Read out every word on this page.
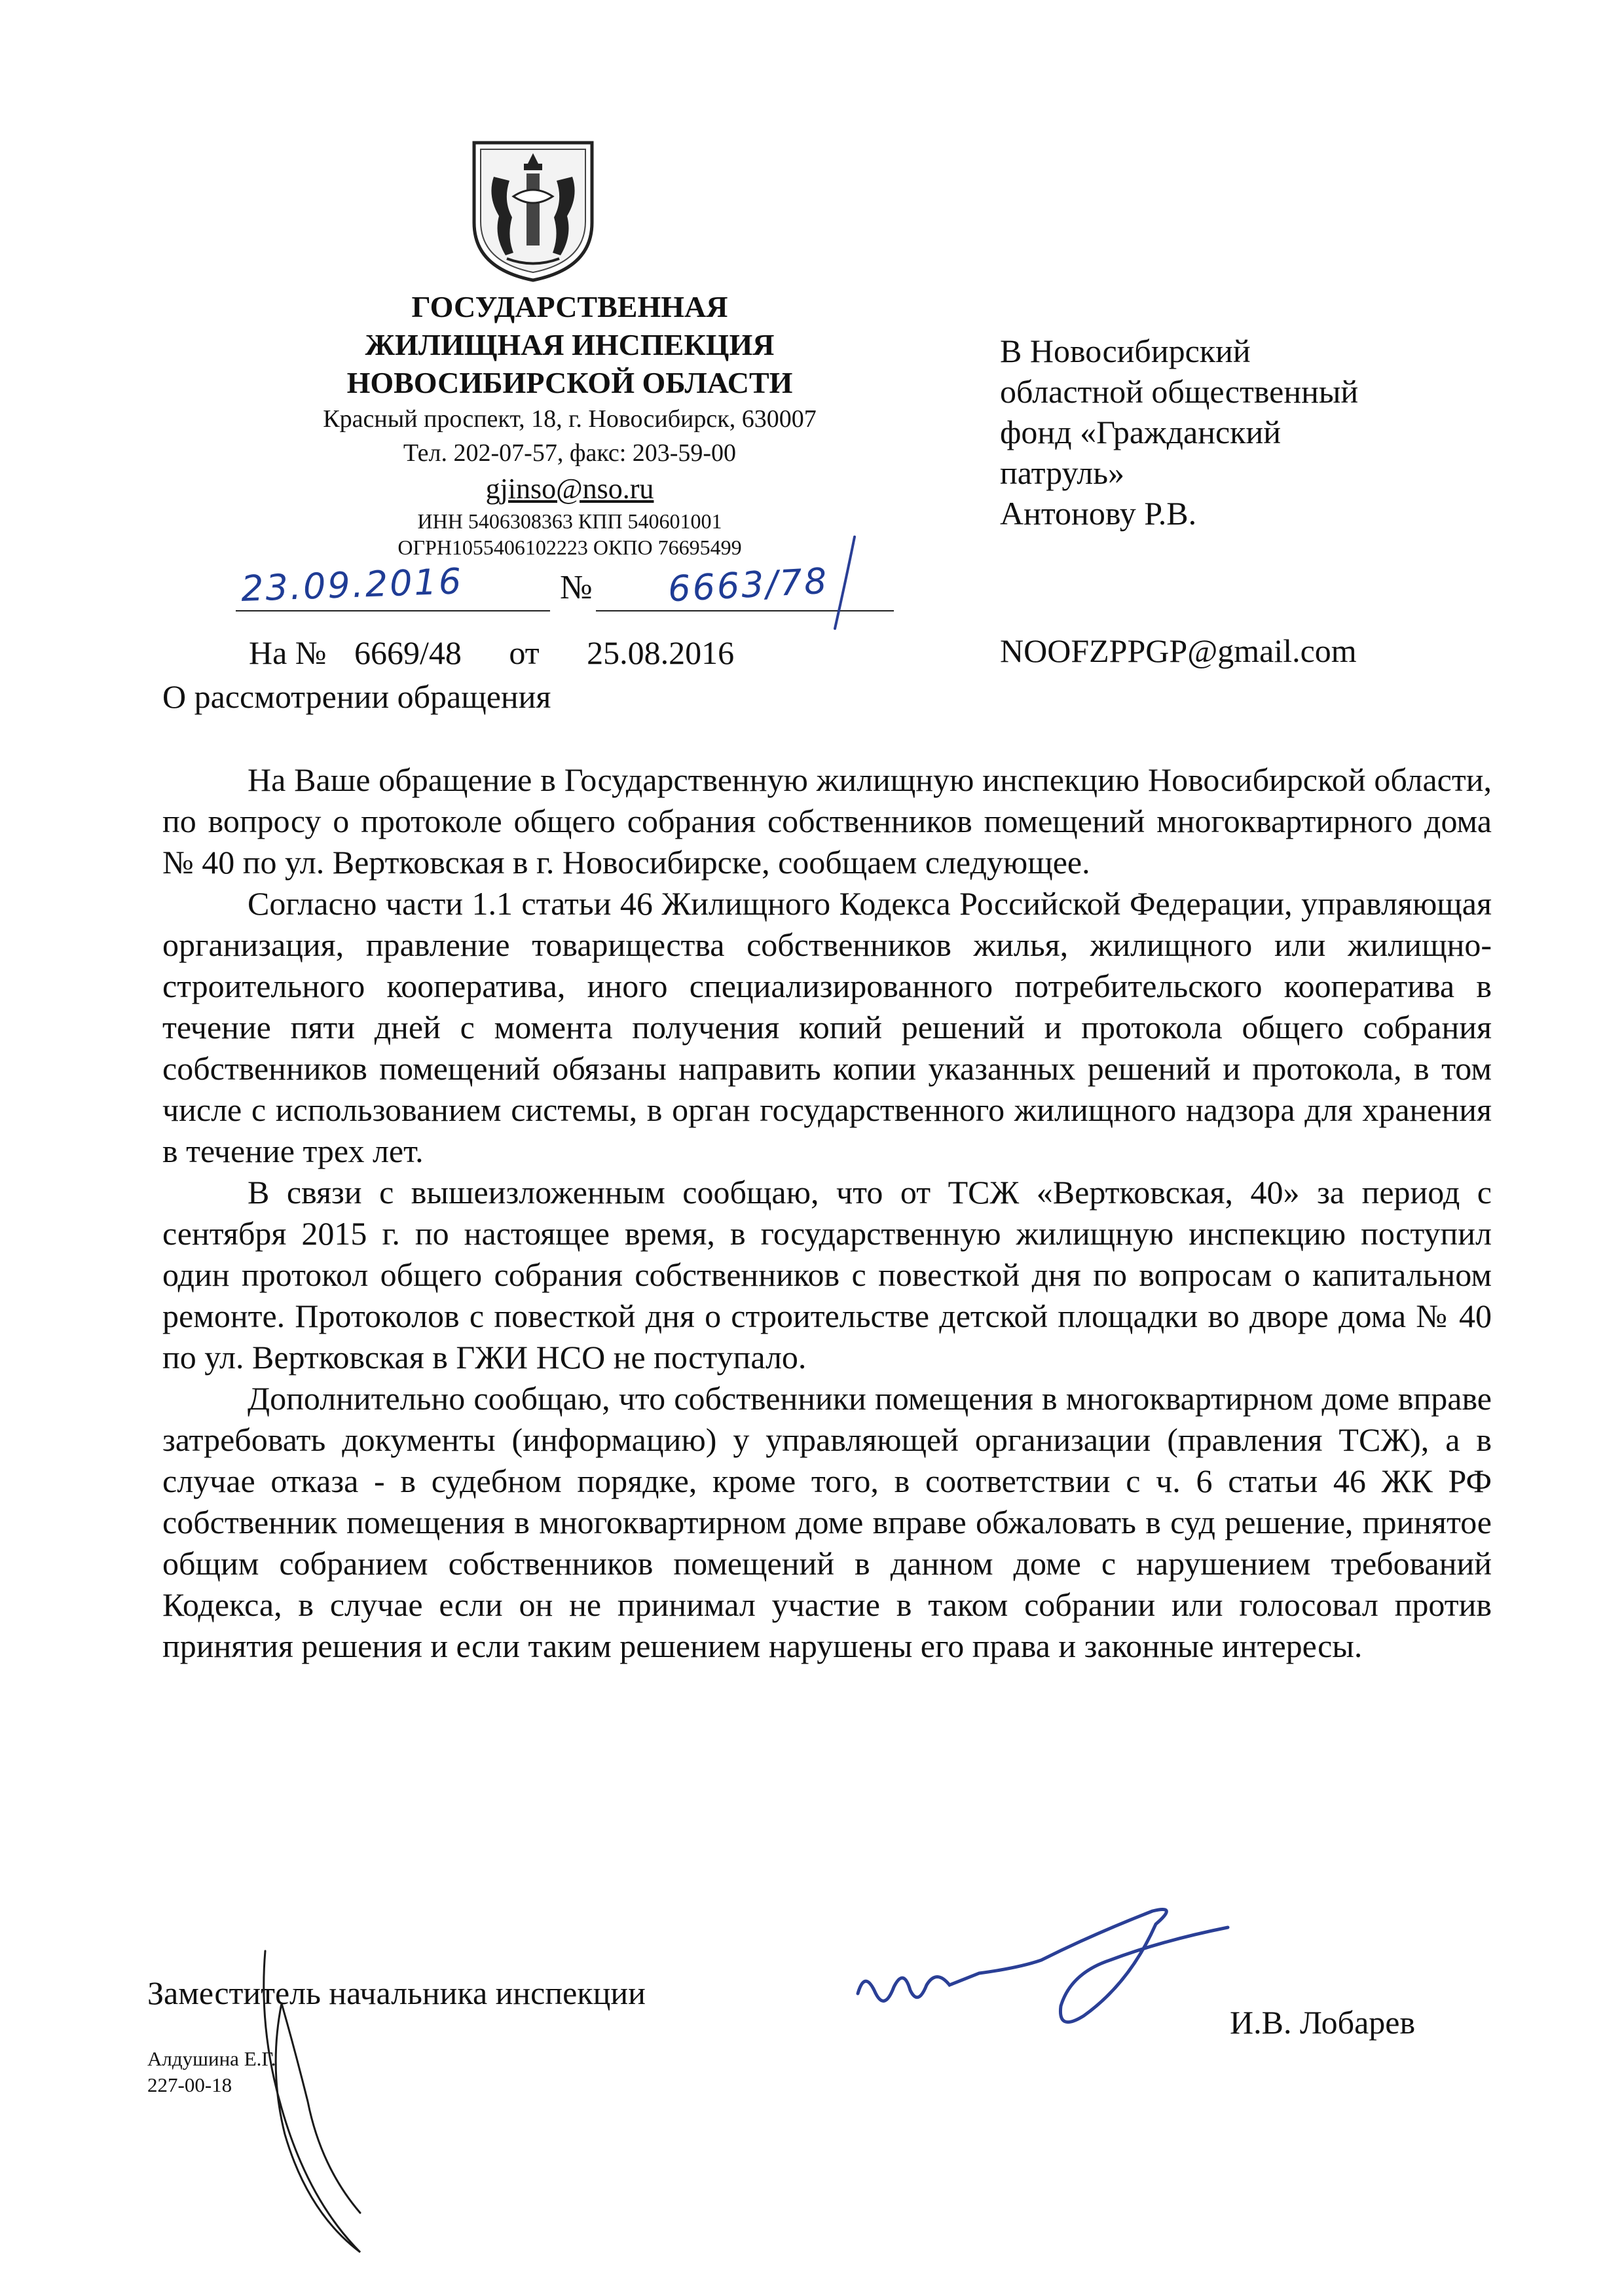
ГОСУДАРСТВЕННАЯ
ЖИЛИЩНАЯ ИНСПЕКЦИЯ
НОВОСИБИРСКОЙ ОБЛАСТИ
Красный проспект, 18, г. Новосибирск, 630007
Тел. 202-07-57, факс: 203-59-00
gjinso@nso.ru
ИНН 5406308363 КПП 540601001
ОГРН1055406102223 ОКПО 76695499
23.09.2016	№ 6663/78
На № 6669/48 от 25.08.2016
О рассмотрении обращения
В Новосибирский
областной общественный
фонд «Гражданский
патруль»
Антонову Р.В.
NOOFZPPGP@gmail.com

На Ваше обращение в Государственную жилищную инспекцию Новосибирской области, по вопросу о протоколе общего собрания собственников помещений многоквартирного дома № 40 по ул. Вертковская в г. Новосибирске, сообщаем следующее.

Согласно части 1.1 статьи 46 Жилищного Кодекса Российской Федерации, управляющая организация, правление товарищества собственников жилья, жилищного или жилищно-строительного кооператива, иного специализированного потребительского кооператива в течение пяти дней с момента получения копий решений и протокола общего собрания собственников помещений обязаны направить копии указанных решений и протокола, в том числе с использованием системы, в орган государственного жилищного надзора для хранения в течение трех лет.

В связи с вышеизложенным сообщаю, что от ТСЖ «Вертковская, 40» за период с сентября 2015 г. по настоящее время, в государственную жилищную инспекцию поступил один протокол общего собрания собственников с повесткой дня по вопросам о капитальном ремонте. Протоколов с повесткой дня о строительстве детской площадки во дворе дома № 40 по ул. Вертковская в ГЖИ НСО не поступало.

Дополнительно сообщаю, что собственники помещения в многоквартирном доме вправе затребовать документы (информацию) у управляющей организации (правления ТСЖ), а в случае отказа - в судебном порядке, кроме того, в соответствии с ч. 6 статьи 46 ЖК РФ собственник помещения в многоквартирном доме вправе обжаловать в суд решение, принятое общим собранием собственников помещений в данном доме с нарушением требований Кодекса, в случае если он не принимал участие в таком собрании или голосовал против принятия решения и если таким решением нарушены его права и законные интересы.

Заместитель начальника инспекции
И.В. Лобарев
Алдушина Е.Г.
227-00-18
